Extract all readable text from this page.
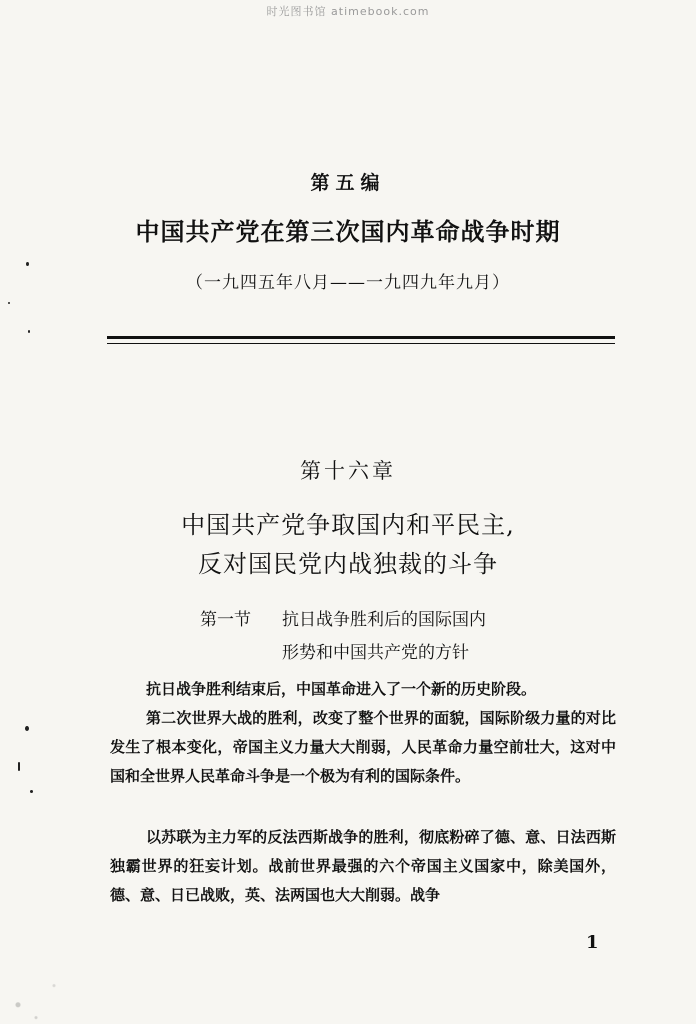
时光图书馆 atimebook.com
第五编
中国共产党在第三次国内革命战争时期
（一九四五年八月——一九四九年九月）
第十六章
中国共产党争取国内和平民主,
反对国民党内战独裁的斗争
第一节 抗日战争胜利后的国际国内
形势和中国共产党的方针
抗日战争胜利结束后，中国革命进入了一个新的历史阶段。
第二次世界大战的胜利，改变了整个世界的面貌，国际阶级力量的对比发生了根本变化，帝国主义力量大大削弱，人民革命力量空前壮大，这对中国和全世界人民革命斗争是一个极为有利的国际条件。
以苏联为主力军的反法西斯战争的胜利，彻底粉碎了德、意、日法西斯独霸世界的狂妄计划。战前世界最强的六个帝国主义国家中，除美国外，德、意、日已战败，英、法两国也大大削弱。战争
1
